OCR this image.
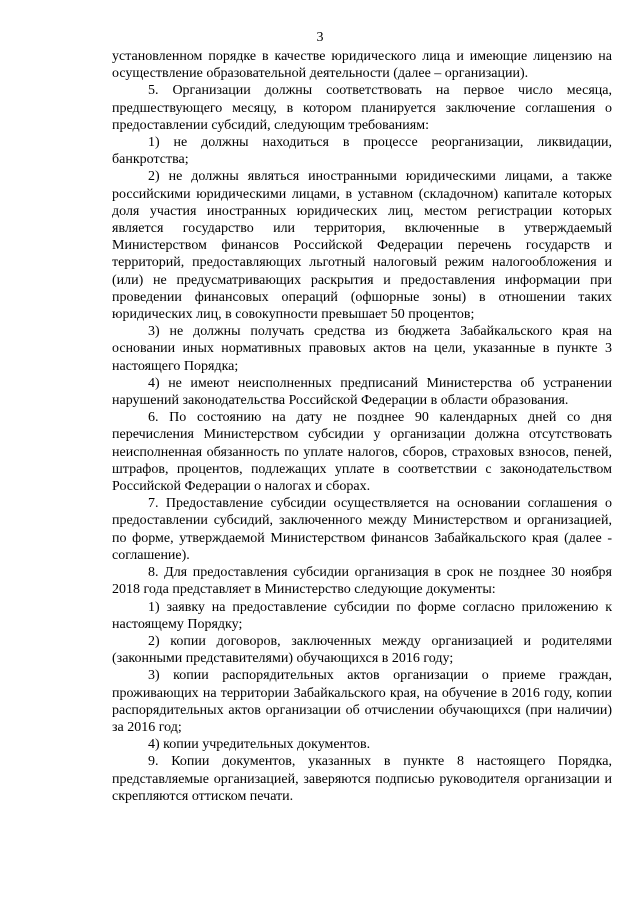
3

установленном порядке в качестве юридического лица и имеющие лицензию на осуществление образовательной деятельности (далее – организации).

5. Организации должны соответствовать на первое число месяца, предшествующего месяцу, в котором планируется заключение соглашения о предоставлении субсидий, следующим требованиям:

1) не должны находиться в процессе реорганизации, ликвидации, банкротства;

2) не должны являться иностранными юридическими лицами, а также российскими юридическими лицами, в уставном (складочном) капитале которых доля участия иностранных юридических лиц, местом регистрации которых является государство или территория, включенные в утверждаемый Министерством финансов Российской Федерации перечень государств и территорий, предоставляющих льготный налоговый режим налогообложения и (или) не предусматривающих раскрытия и предоставления информации при проведении финансовых операций (офшорные зоны) в отношении таких юридических лиц, в совокупности превышает 50 процентов;

3) не должны получать средства из бюджета Забайкальского края на основании иных нормативных правовых актов на цели, указанные в пункте 3 настоящего Порядка;

4) не имеют неисполненных предписаний Министерства об устранении нарушений законодательства Российской Федерации в области образования.

6. По состоянию на дату не позднее 90 календарных дней со дня перечисления Министерством субсидии у организации должна отсутствовать неисполненная обязанность по уплате налогов, сборов, страховых взносов, пеней, штрафов, процентов, подлежащих уплате в соответствии с законодательством Российской Федерации о налогах и сборах.

7. Предоставление субсидии осуществляется на основании соглашения о предоставлении субсидий, заключенного между Министерством и организацией, по форме, утверждаемой Министерством финансов Забайкальского края (далее - соглашение).

8. Для предоставления субсидии организация в срок не позднее 30 ноября 2018 года представляет в Министерство следующие документы:

1) заявку на предоставление субсидии по форме согласно приложению к настоящему Порядку;

2) копии договоров, заключенных между организацией и родителями (законными представителями) обучающихся в 2016 году;

3) копии распорядительных актов организации о приеме граждан, проживающих на территории Забайкальского края, на обучение в 2016 году, копии распорядительных актов организации об отчислении обучающихся (при наличии) за 2016 год;

4) копии учредительных документов.

9. Копии документов, указанных в пункте 8 настоящего Порядка, представляемые организацией, заверяются подписью руководителя организации и скрепляются оттиском печати.
